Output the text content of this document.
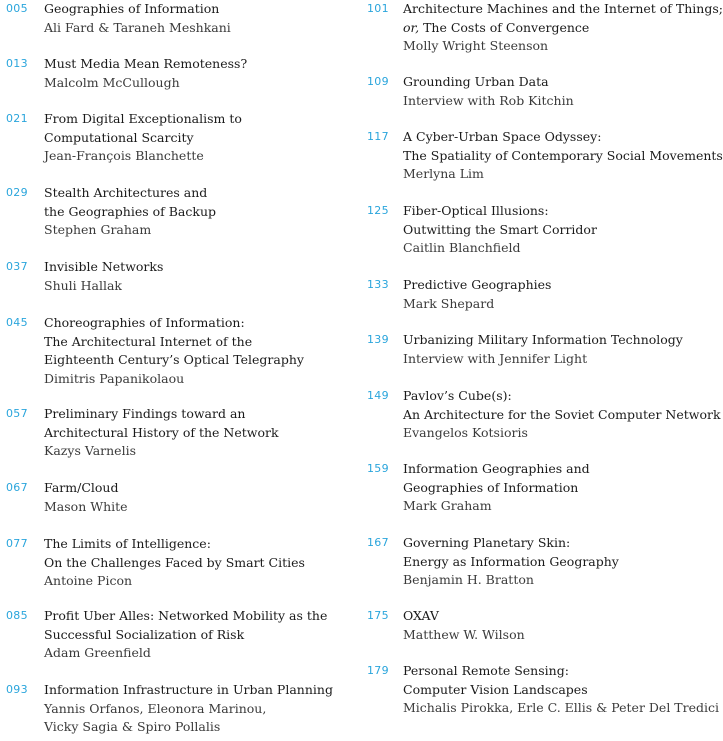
005 Geographies of Information
Ali Fard & Taraneh Meshkani
013 Must Media Mean Remoteness?
Malcolm McCullough
021 From Digital Exceptionalism to
Computational Scarcity
Jean-François Blanchette
029 Stealth Architectures and
the Geographies of Backup
Stephen Graham
037 Invisible Networks
Shuli Hallak
045 Choreographies of Information:
The Architectural Internet of the
Eighteenth Century’s Optical Telegraphy
Dimitris Papanikolaou
057 Preliminary Findings toward an
Architectural History of the Network
Kazys Varnelis
067 Farm/Cloud
Mason White
077 The Limits of Intelligence:
On the Challenges Faced by Smart Cities
Antoine Picon
085 Profit Uber Alles: Networked Mobility as the
Successful Socialization of Risk
Adam Greenfield
093 Information Infrastructure in Urban Planning
Yannis Orfanos, Eleonora Marinou,
Vicky Sagia & Spiro Pollalis
101 Architecture Machines and the Internet of Things;
or, The Costs of Convergence
Molly Wright Steenson
109 Grounding Urban Data
Interview with Rob Kitchin
117 A Cyber-Urban Space Odyssey:
The Spatiality of Contemporary Social Movements
Merlyna Lim
125 Fiber-Optical Illusions:
Outwitting the Smart Corridor
Caitlin Blanchfield
133 Predictive Geographies
Mark Shepard
139 Urbanizing Military Information Technology
Interview with Jennifer Light
149 Pavlov’s Cube(s):
An Architecture for the Soviet Computer Network
Evangelos Kotsioris
159 Information Geographies and
Geographies of Information
Mark Graham
167 Governing Planetary Skin:
Energy as Information Geography
Benjamin H. Bratton
175 OXAV
Matthew W. Wilson
179 Personal Remote Sensing:
Computer Vision Landscapes
Michalis Pirokka, Erle C. Ellis & Peter Del Tredici
